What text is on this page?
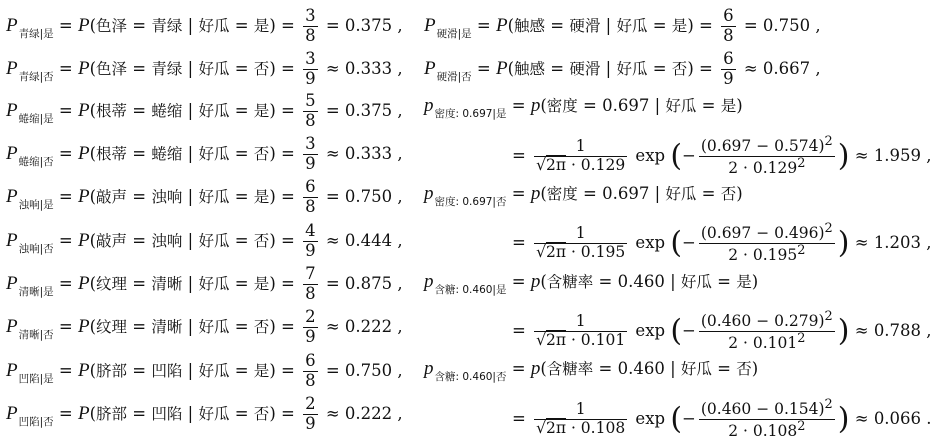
$P_{青绿|是} = P$(色泽 = 青绿 | 好瓜 = 是) = $\frac{3}{8} = 0.375$ ,
$P_{青绿|否} = P$(色泽 = 青绿 | 好瓜 = 否) = $\frac{3}{9} \approx 0.333$ ,
$P_{蜷缩|是} = P$(根蒂 = 蜷缩 | 好瓜 = 是) = $\frac{5}{8} = 0.375$ ,
$P_{蜷缩|否} = P$(根蒂 = 蜷缩 | 好瓜 = 否) = $\frac{3}{9} \approx 0.333$ ,
$P_{浊响|是} = P$(敲声 = 浊响 | 好瓜 = 是) = $\frac{6}{8} = 0.750$ ,
$P_{浊响|否} = P$(敲声 = 浊响 | 好瓜 = 否) = $\frac{4}{9} \approx 0.444$ ,
$P_{清晰|是} = P$(纹理 = 清晰 | 好瓜 = 是) = $\frac{7}{8} = 0.875$ ,
$P_{清晰|否} = P$(纹理 = 清晰 | 好瓜 = 否) = $\frac{2}{9} \approx 0.222$ ,
$P_{凹陷|是} = P$(脐部 = 凹陷 | 好瓜 = 是) = $\frac{6}{8} = 0.750$ ,
$P_{凹陷|否} = P$(脐部 = 凹陷 | 好瓜 = 否) = $\frac{2}{9} \approx 0.222$ ,
$P_{硬滑|是} = P$(触感 = 硬滑 | 好瓜 = 是) = $\frac{6}{8} = 0.750$ ,
$P_{硬滑|否} = P$(触感 = 硬滑 | 好瓜 = 否) = $\frac{6}{9} \approx 0.667$ ,
$p_{密度: 0.697|是} = p$(密度 = 0.697 | 好瓜 = 是)
= $\frac{1}{√2\pi \cdot 0.129}$ exp (− $\frac{(0.697 - 0.574)^2}{2 \cdot 0.129^2}$ ) ≈ 1.959 ,
$p_{密度: 0.697|否} = p$(密度 = 0.697 | 好瓜 = 否)
= $\frac{1}{√2\pi \cdot 0.195}$ exp (− $\frac{(0.697 - 0.496)^2}{2 \cdot 0.195^2}$ ) ≈ 1.203 ,
$p_{含糖: 0.460|是} = p$(含糖率 = 0.460 | 好瓜 = 是)
= $\frac{1}{√2\pi \cdot 0.101}$ exp (− $\frac{(0.460 - 0.279)^2}{2 \cdot 0.101^2}$ ) ≈ 0.788 ,
$p_{含糖: 0.460|否} = p$(含糖率 = 0.460 | 好瓜 = 否)
= $\frac{1}{√2\pi \cdot 0.108}$ exp (− $\frac{(0.460 - 0.154)^2}{2 \cdot 0.108^2}$ ) ≈ 0.066 .
